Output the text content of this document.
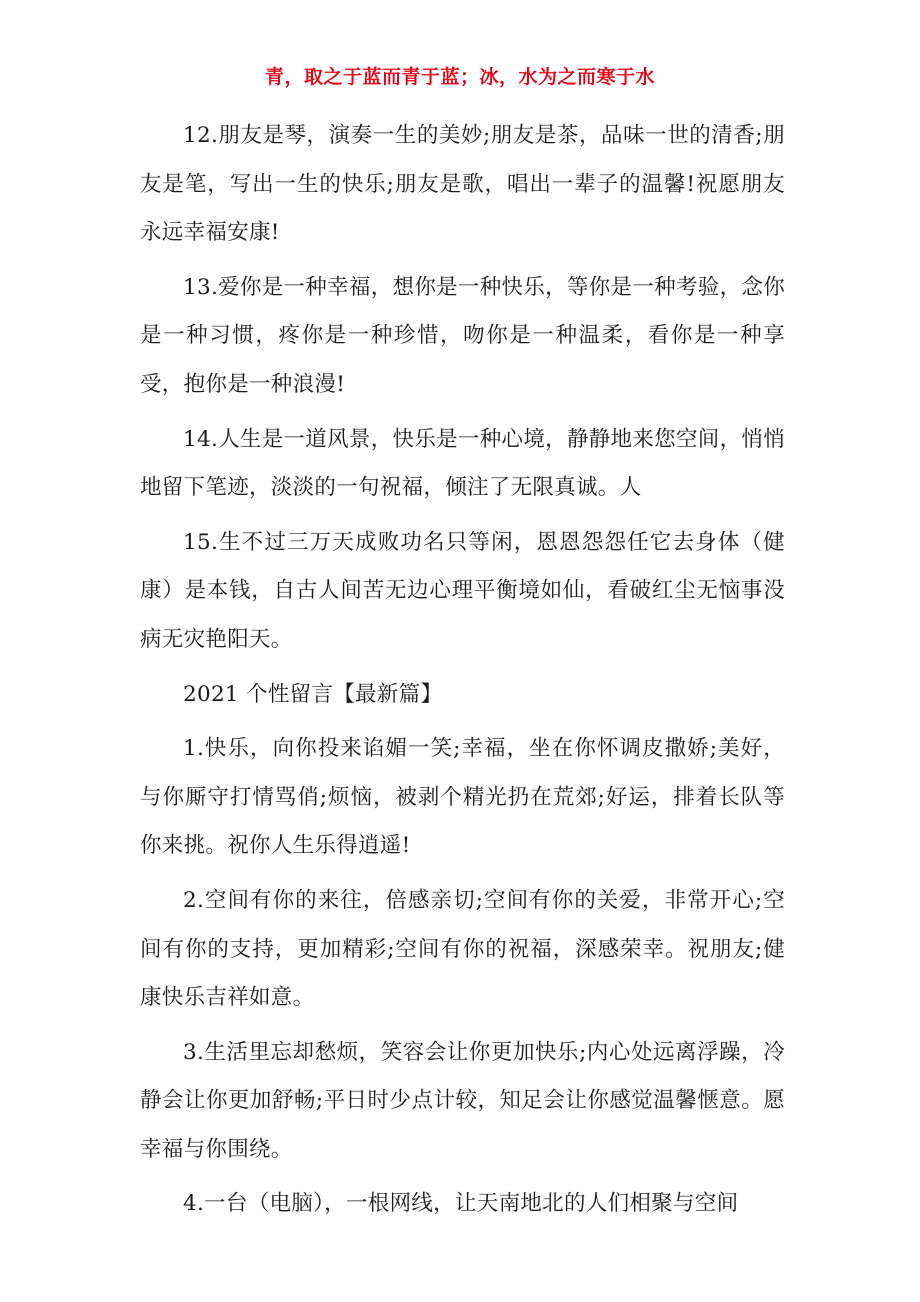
青，取之于蓝而青于蓝；冰，水为之而寒于水

12.朋友是琴，演奏一生的美妙;朋友是茶，品味一世的清香;朋友是笔，写出一生的快乐;朋友是歌，唱出一辈子的温馨!祝愿朋友永远幸福安康!

13.爱你是一种幸福，想你是一种快乐，等你是一种考验，念你是一种习惯，疼你是一种珍惜，吻你是一种温柔，看你是一种享受，抱你是一种浪漫!

14.人生是一道风景，快乐是一种心境，静静地来您空间，悄悄地留下笔迹，淡淡的一句祝福，倾注了无限真诚。人

15.生不过三万天成败功名只等闲，恩恩怨怨任它去身体（健康）是本钱，自古人间苦无边心理平衡境如仙，看破红尘无恼事没病无灾艳阳天。

2021 个性留言【最新篇】

1.快乐，向你投来谄媚一笑;幸福，坐在你怀调皮撒娇;美好，与你厮守打情骂俏;烦恼，被剥个精光扔在荒郊;好运，排着长队等你来挑。祝你人生乐得逍遥!

2.空间有你的来往，倍感亲切;空间有你的关爱，非常开心;空间有你的支持，更加精彩;空间有你的祝福，深感荣幸。祝朋友;健康快乐吉祥如意。

3.生活里忘却愁烦，笑容会让你更加快乐;内心处远离浮躁，冷静会让你更加舒畅;平日时少点计较，知足会让你感觉温馨惬意。愿幸福与你围绕。

4.一台（电脑），一根网线，让天南地北的人们相聚与空间
